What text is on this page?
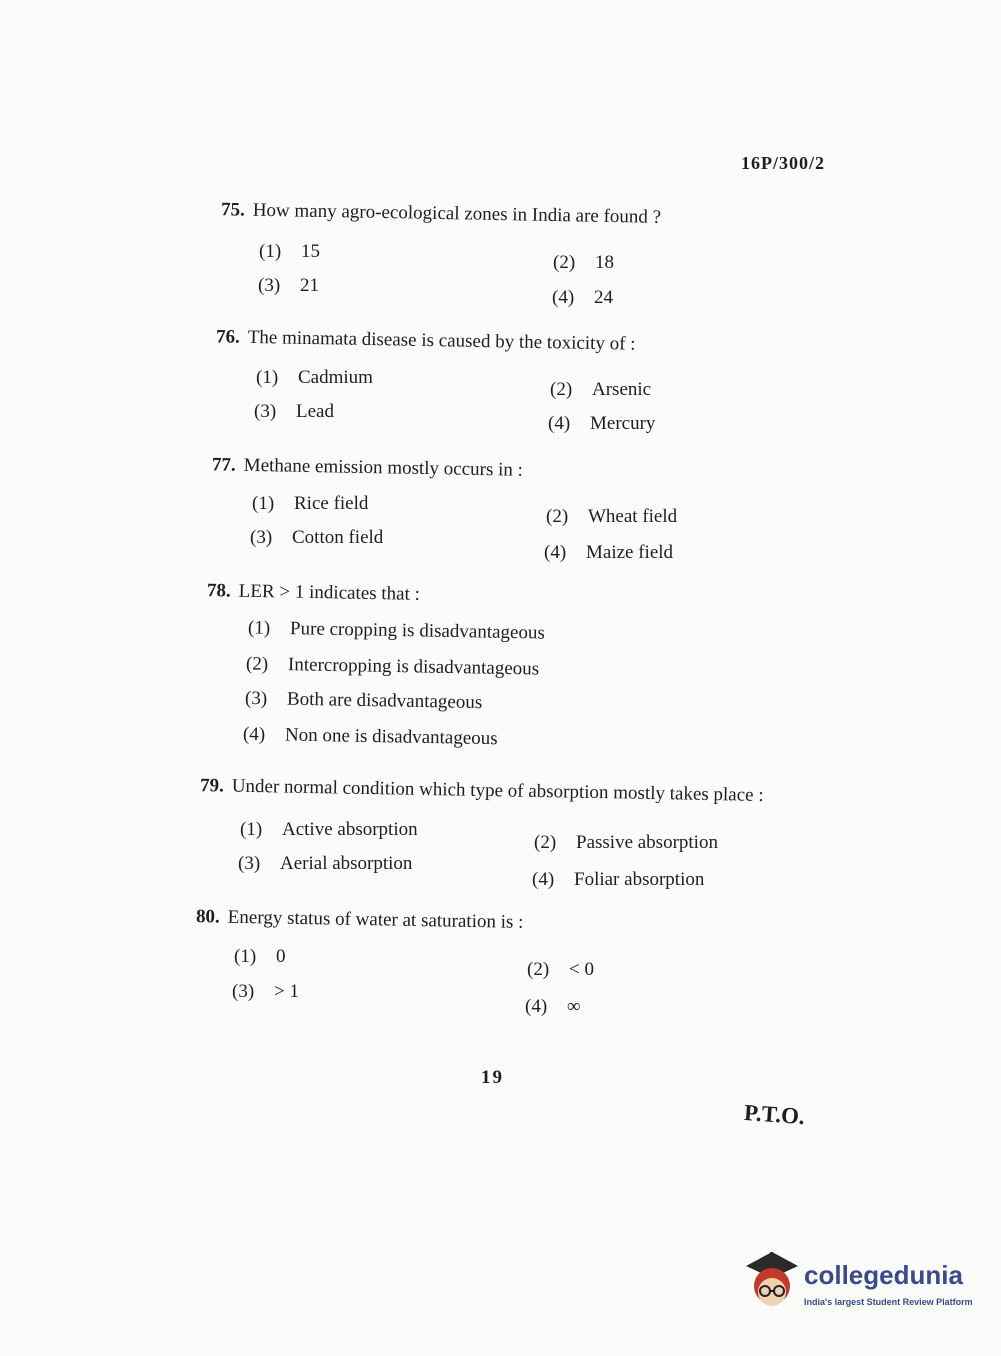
16P/300/2
75. How many agro-ecological zones in India are found ?
(1) 15
(2) 18
(3) 21
(4) 24
76. The minamata disease is caused by the toxicity of :
(1) Cadmium
(2) Arsenic
(3) Lead
(4) Mercury
77. Methane emission mostly occurs in :
(1) Rice field
(2) Wheat field
(3) Cotton field
(4) Maize field
78. LER > 1 indicates that :
(1) Pure cropping is disadvantageous
(2) Intercropping is disadvantageous
(3) Both are disadvantageous
(4) Non one is disadvantageous
79. Under normal condition which type of absorption mostly takes place :
(1) Active absorption
(2) Passive absorption
(3) Aerial absorption
(4) Foliar absorption
80. Energy status of water at saturation is :
(1) 0
(2) < 0
(3) > 1
(4) ∞
19
P.T.O.
collegedunia
India's largest Student Review Platform
